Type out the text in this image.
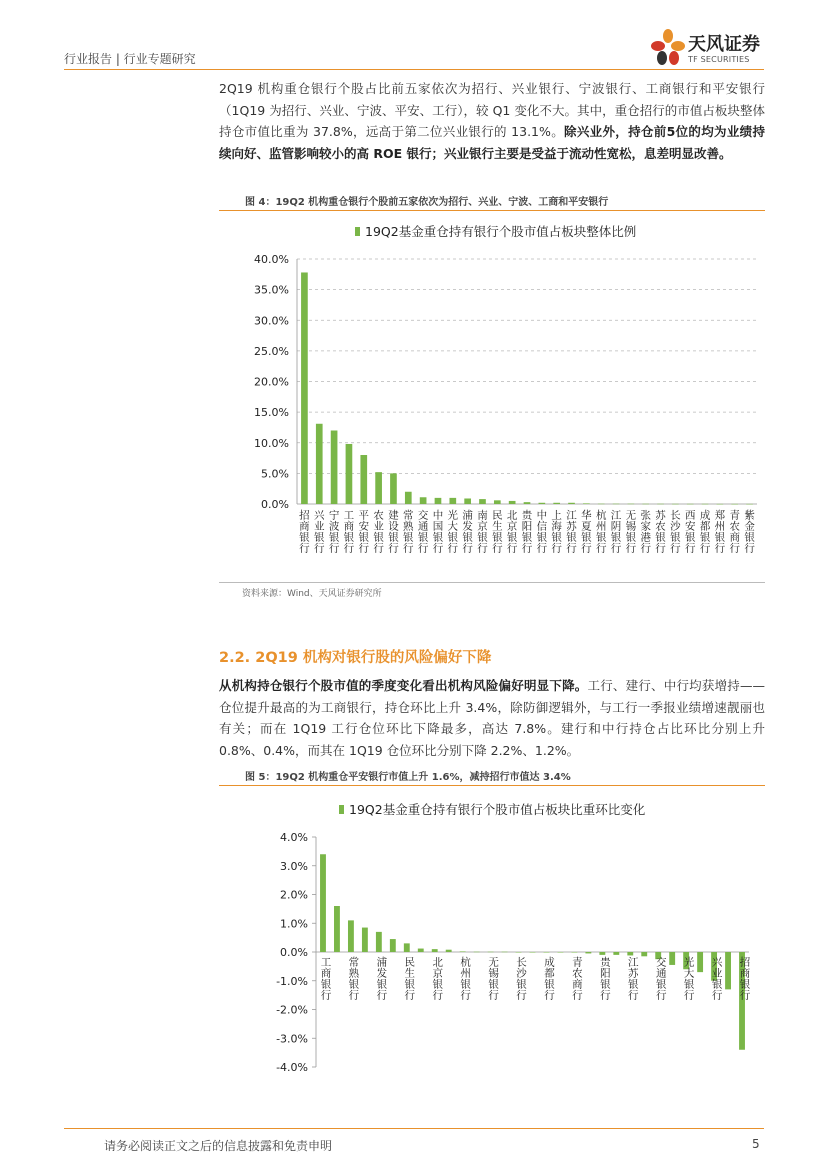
行业报告 | 行业专题研究
天风证券
TF SECURITIES
2Q19 机构重仓银行个股占比前五家依次为招行、兴业银行、宁波银行、工商银行和平安银行（1Q19 为招行、兴业、宁波、平安、工行），较 Q1 变化不大。其中，重仓招行的市值占板块整体持仓市值比重为 37.8%，远高于第二位兴业银行的 13.1%。除兴业外，持仓前5位的均为业绩持续向好、监管影响较小的高 ROE 银行；兴业银行主要是受益于流动性宽松，息差明显改善。
图 4：19Q2 机构重仓银行个股前五家依次为招行、兴业、宁波、工商和平安银行
19Q2基金重仓持有银行个股市值占板块整体比例
0.0%
5.0%
10.0%
15.0%
20.0%
25.0%
30.0%
35.0%
40.0%
招
商
银
行
兴
业
银
行
宁
波
银
行
工
商
银
行
平
安
银
行
农
业
银
行
建
设
银
行
常
熟
银
行
交
通
银
行
中
国
银
行
光
大
银
行
浦
发
银
行
南
京
银
行
民
生
银
行
北
京
银
行
贵
阳
银
行
中
信
银
行
上
海
银
行
江
苏
银
行
华
夏
银
行
杭
州
银
行
江
阴
银
行
无
锡
银
行
张
家
港
行
苏
农
银
行
长
沙
银
行
西
安
银
行
成
都
银
行
郑
州
银
行
青
农
商
行
紫
金
银
行
资料来源：Wind、天风证券研究所
2.2. 2Q19 机构对银行股的风险偏好下降
从机构持仓银行个股市值的季度变化看出机构风险偏好明显下降。工行、建行、中行均获增持——仓位提升最高的为工商银行，持仓环比上升 3.4%，除防御逻辑外，与工行一季报业绩增速靓丽也有关；而在 1Q19 工行仓位环比下降最多，高达 7.8%。建行和中行持仓占比环比分别上升 0.8%、0.4%，而其在 1Q19 仓位环比分别下降 2.2%、1.2%。
图 5：19Q2 机构重仓平安银行市值上升 1.6%，减持招行市值达 3.4%
19Q2基金重仓持有银行个股市值占板块比重环比变化
-4.0%
-3.0%
-2.0%
-1.0%
0.0%
1.0%
2.0%
3.0%
4.0%
工
商
银
行
常
熟
银
行
浦
发
银
行
民
生
银
行
北
京
银
行
杭
州
银
行
无
锡
银
行
长
沙
银
行
成
都
银
行
青
农
商
行
贵
阳
银
行
江
苏
银
行
交
通
银
行
光
大
银
行
兴
业
银
行
招
商
银
行
请务必阅读正文之后的信息披露和免责申明	5
